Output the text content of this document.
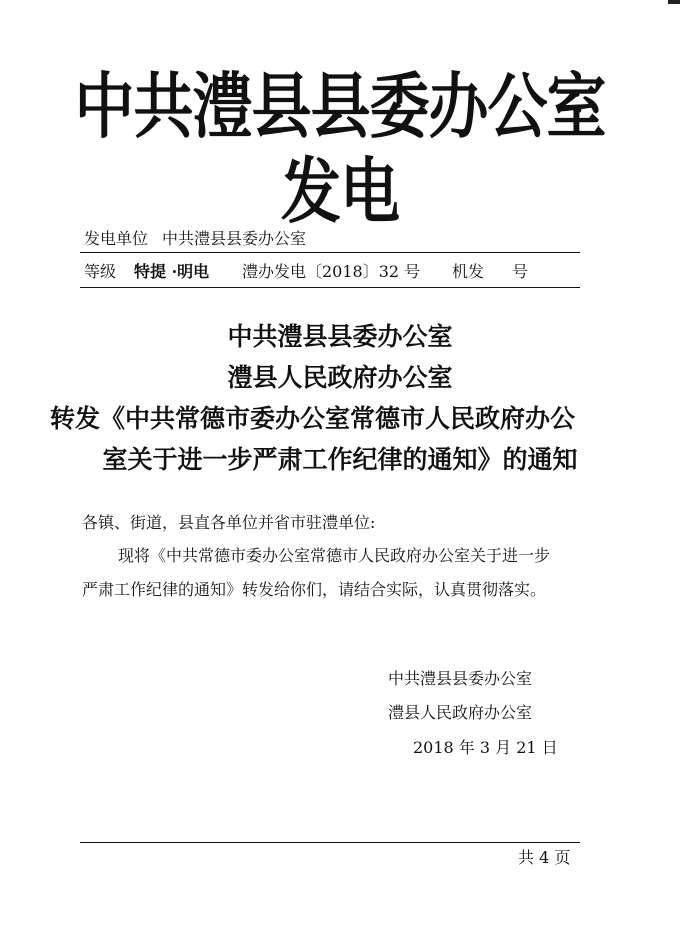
中共澧县县委办公室发电
发电单位 中共澧县县委办公室
等级 特提 ·明电 澧办发电〔2018〕32 号 机发 号
中共澧县县委办公室
澧县人民政府办公室
转发《中共常德市委办公室常德市人民政府办公
室关于进一步严肃工作纪律的通知》的通知
各镇、街道，县直各单位并省市驻澧单位:
现将《中共常德市委办公室常德市人民政府办公室关于进一步
严肃工作纪律的通知》转发给你们，请结合实际，认真贯彻落实。
中共澧县县委办公室
澧县人民政府办公室
2018 年 3 月 21 日
共 4 页
